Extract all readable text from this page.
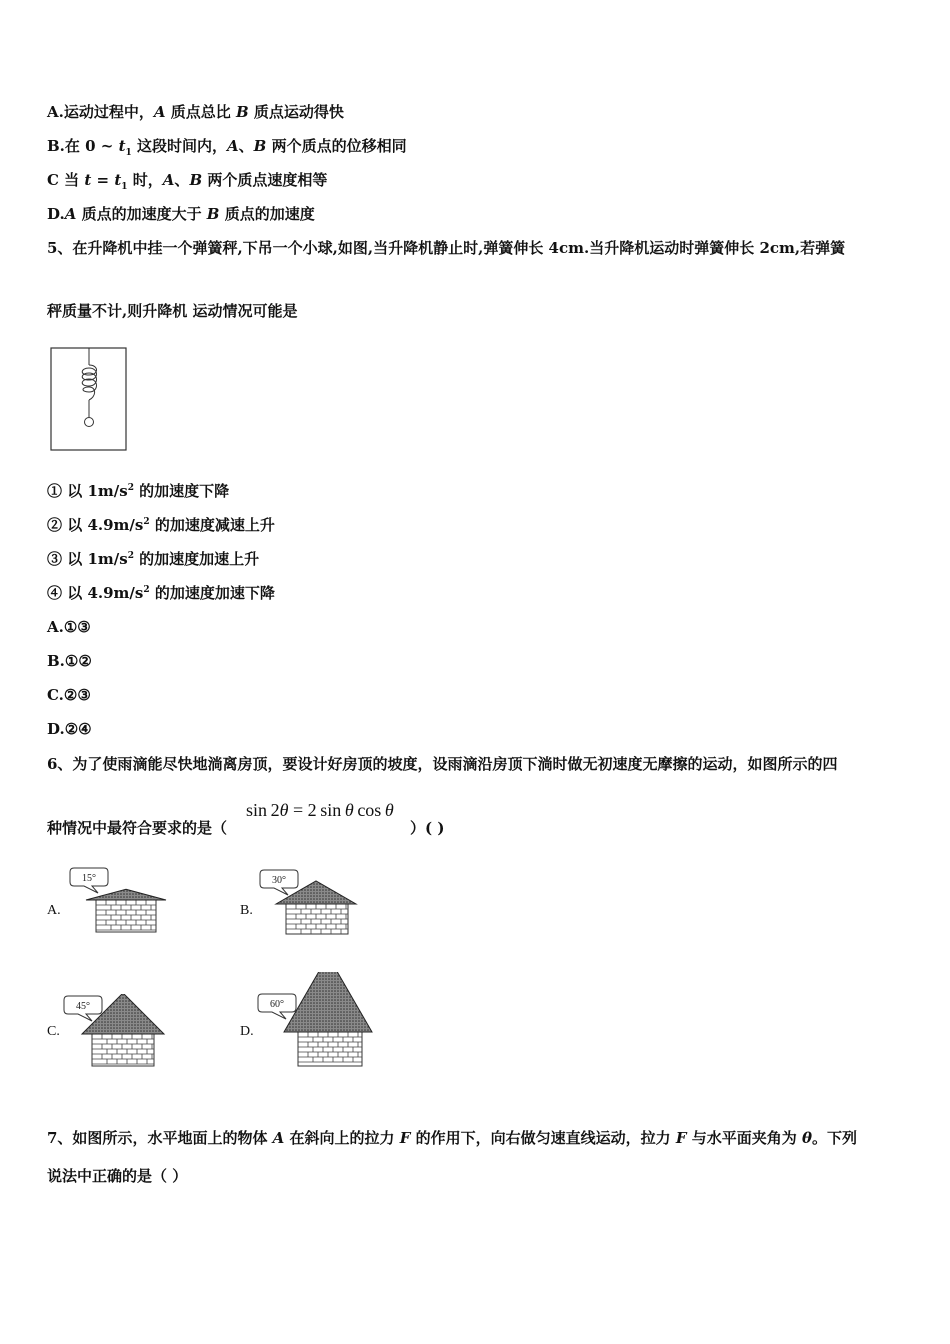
A.运动过程中，A 质点总比 B 质点运动得快
B.在 0 ~ $t_1$ 这段时间内，A、B 两个质点的位移相同
C 当 $t = t_1$ 时，A、B 两个质点速度相等
D.A 质点的加速度大于 B 质点的加速度
5、在升降机中挂一个弹簧秤,下吊一个小球,如图,当升降机静止时,弹簧伸长 4cm.当升降机运动时弹簧伸长 2cm,若弹簧
秤质量不计,则升降机 运动情况可能是
① 以 $1m/s^2$ 的加速度下降
② 以 $4.9m/s^2$ 的加速度减速上升
③ 以 $1m/s^2$ 的加速度加速上升
④ 以 $4.9m/s^2$ 的加速度加速下降
A.①③
B.①②
C.②③
D.②④
6、为了使雨滴能尽快地淌离房顶，要设计好房顶的坡度，设雨滴沿房顶下淌时做无初速度无摩擦的运动，如图所示的四
种情况中最符合要求的是（
sin  2θ = 2  sin  θ  cos  θ
）( )
A.
15°
B.
30°
C.
45°
D.
60°
7、如图所示，水平地面上的物体 A 在斜向上的拉力 F 的作用下，向右做匀速直线运动，拉力 F 与水平面夹角为 θ。下列
说法中正确的是（ ）
